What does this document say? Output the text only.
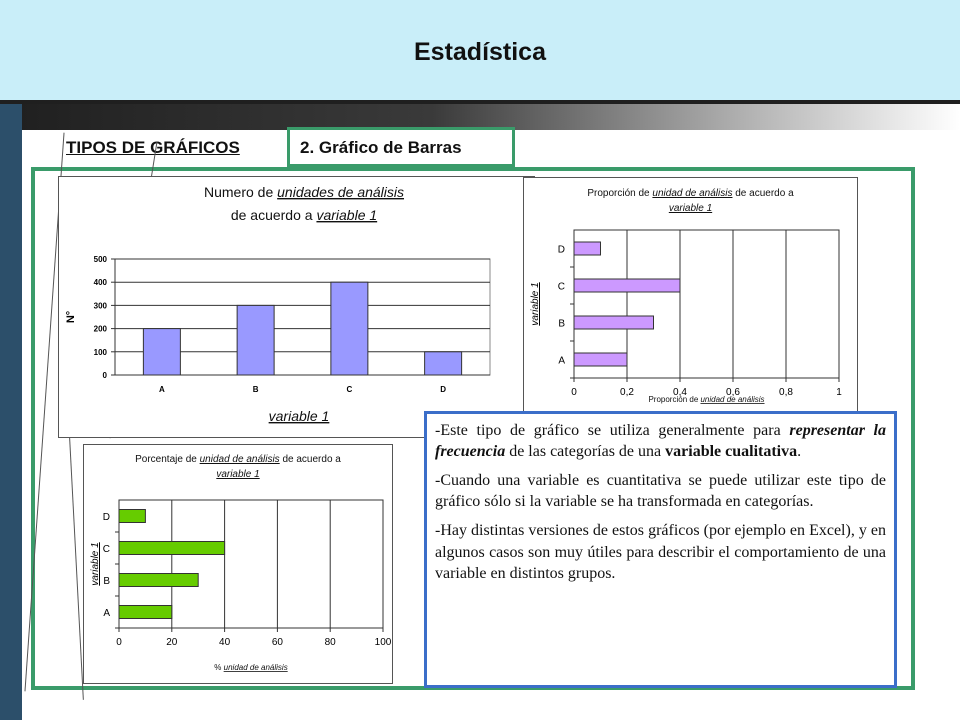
Estadística
TIPOS DE GRÁFICOS	2. Gráfico de Barras
Numero de unidades de análisis
de acuerdo a variable 1
0
100
200
300
400
500
A	B	C	D
N°
variable 1
Proporción de unidad de análisis de acuerdo a
variable 1
0	0,2	0,4	0,6	0,8	1
A
B
C
D
variable 1
Proporción de unidad de análisis
Porcentaje de unidad de análisis de acuerdo a
variable 1
0	20	40	60	80	100
A
B
C
D
variable 1
% unidad de análisis

-Este tipo de gráfico se utiliza generalmente para representar la frecuencia de las categorías de una variable cualitativa.

-Cuando una variable es cuantitativa se puede utilizar este tipo de gráfico sólo si la variable se ha transformada en categorías.

-Hay distintas versiones de estos gráficos (por ejemplo en Excel), y en algunos casos son muy útiles para describir el comportamiento de una variable en distintos grupos.
